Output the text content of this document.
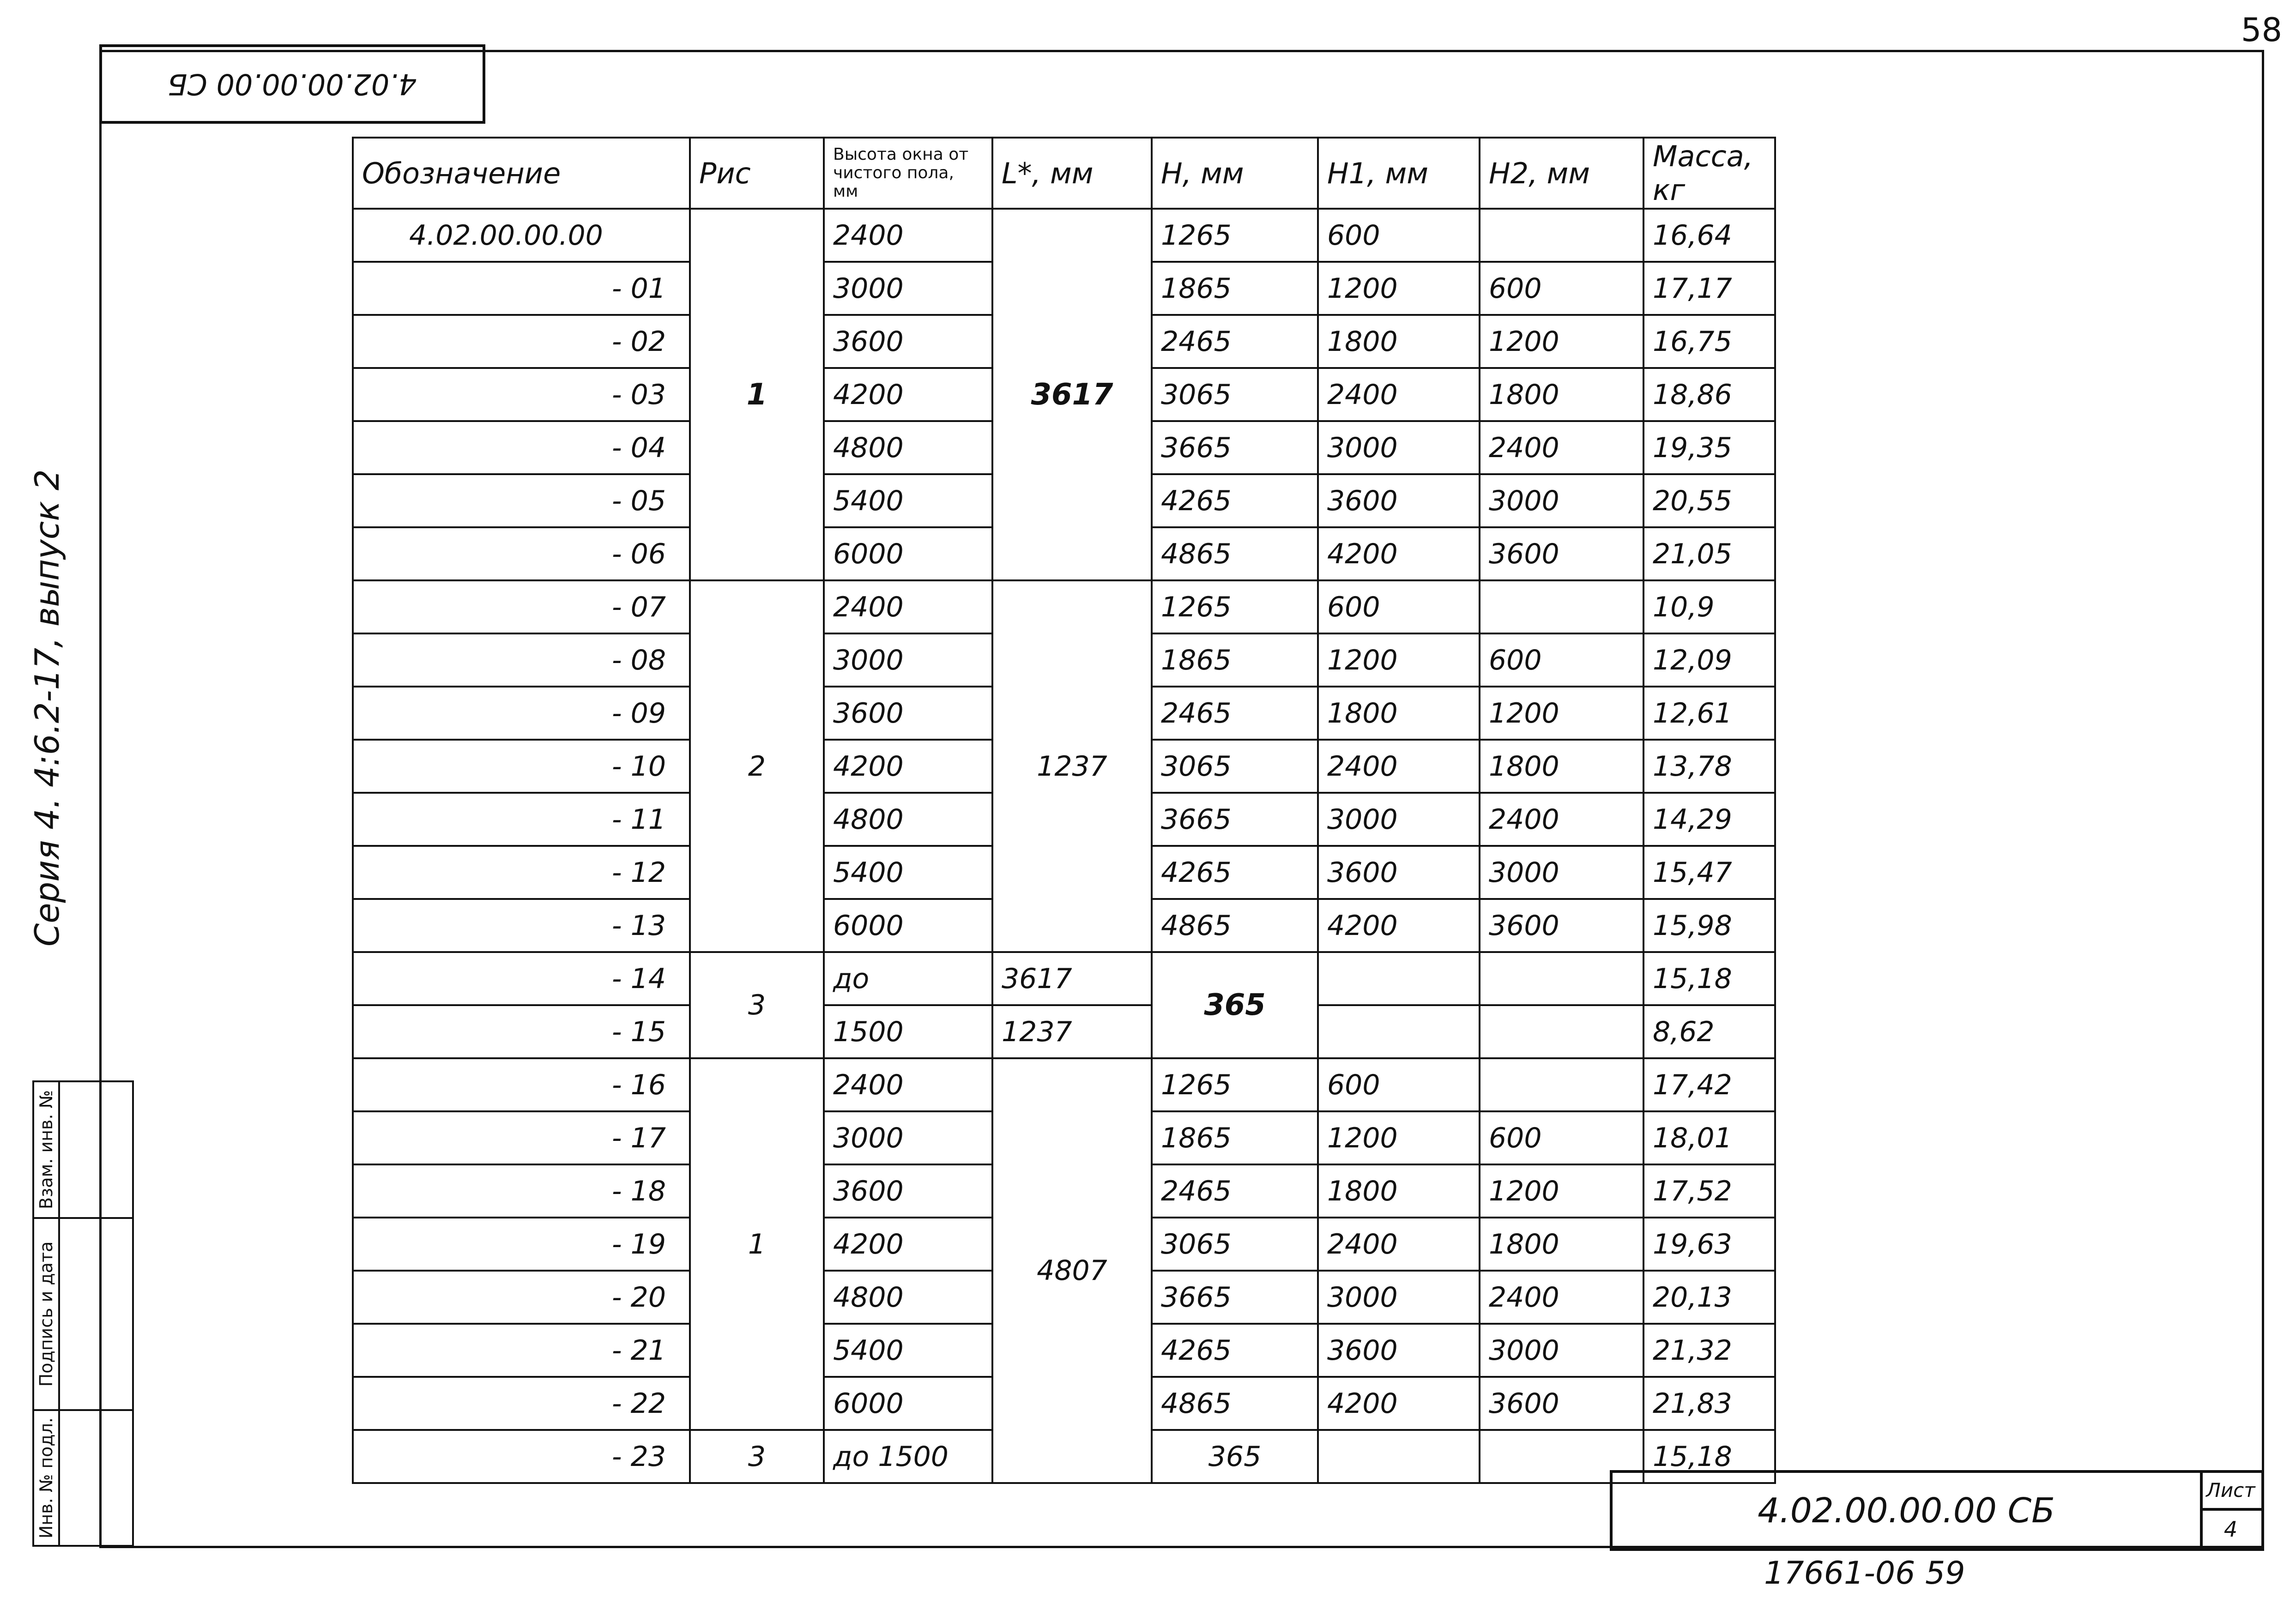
58
4.02.00.00.00 СБ
Серия 4. 4:6.2-17, выпуск 2
Взам. инв. №
Подпись и дата
Инв. № подл.
Обозначение	Рис	Высота окна от чистого пола, мм	L*, мм	H, мм	H1, мм	H2, мм	Масса, кг
4.02.00.00.00	1	2400	3617	1265	600		16,64
- 01		3000		1865	1200	600	17,17
- 02		3600		2465	1800	1200	16,75
- 03		4200		3065	2400	1800	18,86
- 04		4800		3665	3000	2400	19,35
- 05		5400		4265	3600	3000	20,55
- 06		6000		4865	4200	3600	21,05
- 07	2	2400	1237	1265	600		10,9
- 08		3000		1865	1200	600	12,09
- 09		3600		2465	1800	1200	12,61
- 10		4200		3065	2400	1800	13,78
- 11		4800		3665	3000	2400	14,29
- 12		5400		4265	3600	3000	15,47
- 13		6000		4865	4200	3600	15,98
- 14	3	до	3617	365			15,18
- 15		1500	1237				8,62
- 16	1	2400	4807	1265	600		17,42
- 17		3000		1865	1200	600	18,01
- 18		3600		2465	1800	1200	17,52
- 19		4200		3065	2400	1800	19,63
- 20		4800		3665	3000	2400	20,13
- 21		5400		4265	3600	3000	21,32
- 22		6000		4865	4200	3600	21,83
- 23	3	до 1500		365			15,18
4.02.00.00.00 СБ
Лист
4
17661-06 59
